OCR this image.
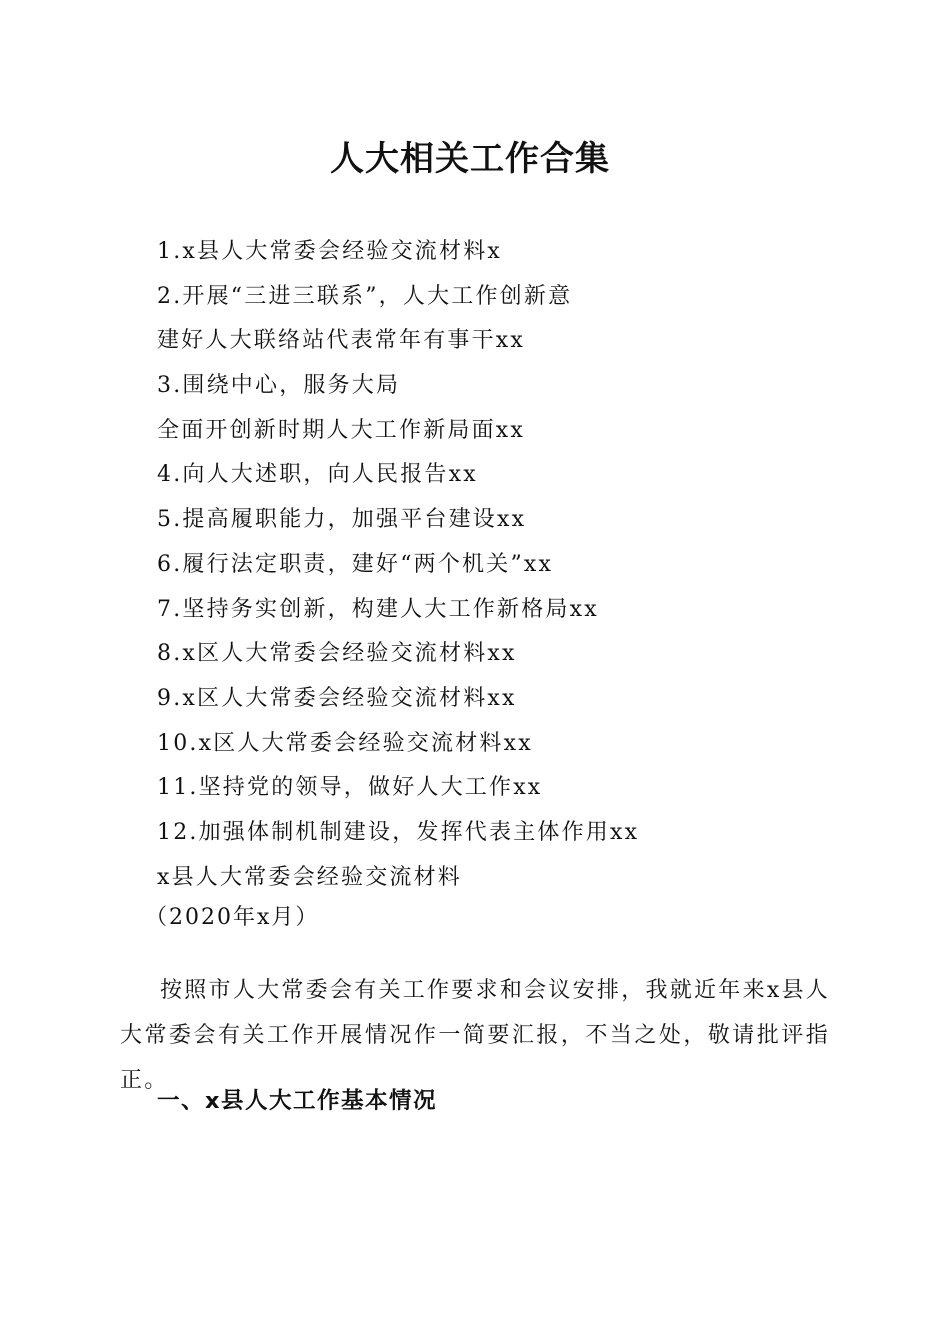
人大相关工作合集
1.x县人大常委会经验交流材料x
2.开展“三进三联系”，人大工作创新意
建好人大联络站代表常年有事干xx
3.围绕中心，服务大局
全面开创新时期人大工作新局面xx
4.向人大述职，向人民报告xx
5.提高履职能力，加强平台建设xx
6.履行法定职责，建好“两个机关”xx
7.坚持务实创新，构建人大工作新格局xx
8.x区人大常委会经验交流材料xx
9.x区人大常委会经验交流材料xx
10.x区人大常委会经验交流材料xx
11.坚持党的领导，做好人大工作xx
12.加强体制机制建设，发挥代表主体作用xx
x县人大常委会经验交流材料
（2020年x月）

按照市人大常委会有关工作要求和会议安排，我就近年来x县人大常委会有关工作开展情况作一简要汇报，不当之处，敬请批评指正。

一、x县人大工作基本情况
